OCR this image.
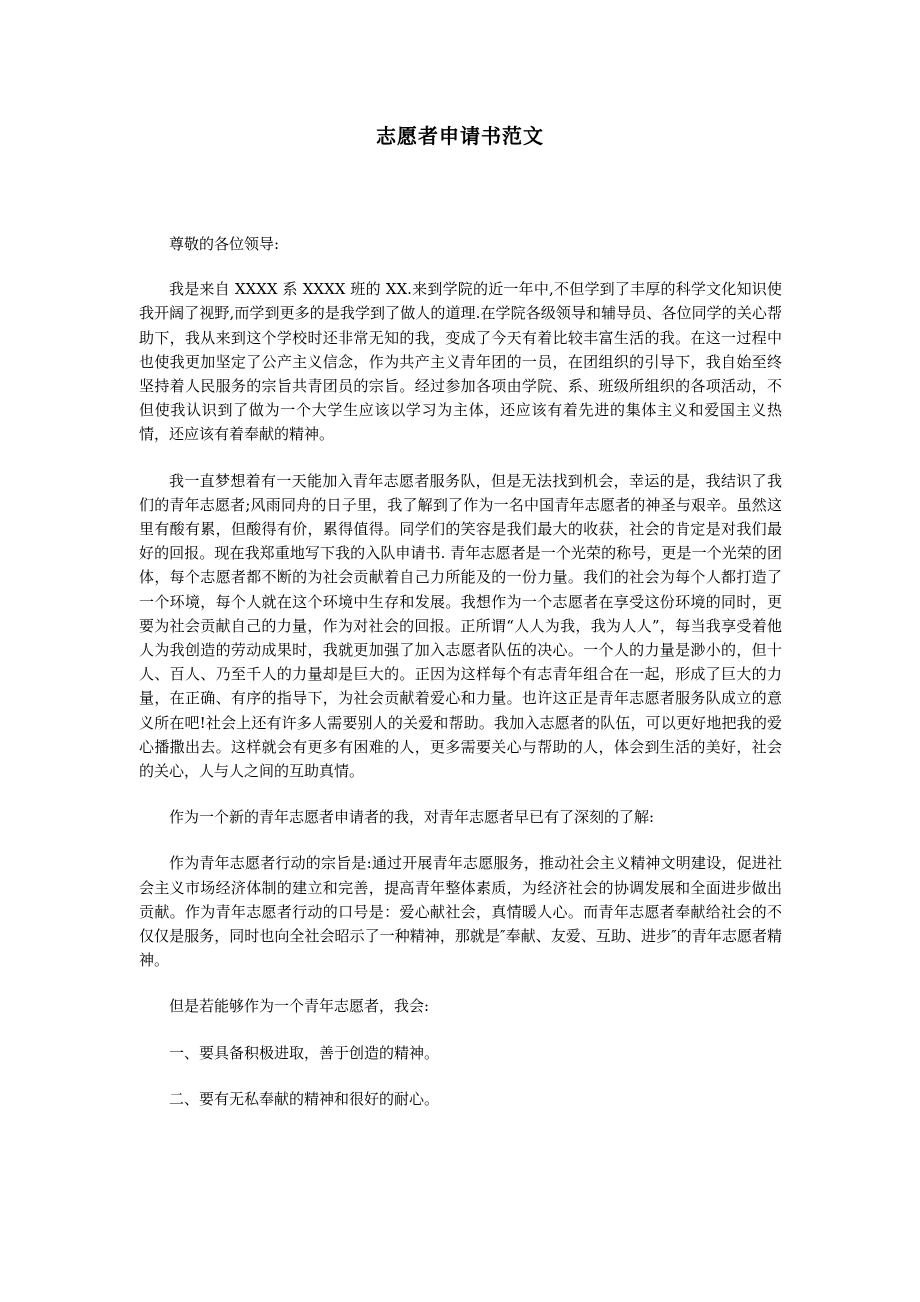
志愿者申请书范文

尊敬的各位领导:

我是来自 XXXX 系 XXXX 班的 XX.来到学院的近一年中,不但学到了丰厚的科学文化知识使我开阔了视野,而学到更多的是我学到了做人的道理.在学院各级领导和辅导员、各位同学的关心帮助下，我从来到这个学校时还非常无知的我，变成了今天有着比较丰富生活的我。在这一过程中也使我更加坚定了公产主义信念，作为共产主义青年团的一员，在团组织的引导下，我自始至终坚持着人民服务的宗旨共青团员的宗旨。经过参加各项由学院、系、班级所组织的各项活动，不但使我认识到了做为一个大学生应该以学习为主体，还应该有着先进的集体主义和爱国主义热情，还应该有着奉献的精神。

我一直梦想着有一天能加入青年志愿者服务队，但是无法找到机会，幸运的是，我结识了我们的青年志愿者;风雨同舟的日子里，我了解到了作为一名中国青年志愿者的神圣与艰辛。虽然这里有酸有累，但酸得有价，累得值得。同学们的笑容是我们最大的收获，社会的肯定是对我们最好的回报。现在我郑重地写下我的入队申请书. 青年志愿者是一个光荣的称号，更是一个光荣的团体，每个志愿者都不断的为社会贡献着自己力所能及的一份力量。我们的社会为每个人都打造了一个环境，每个人就在这个环境中生存和发展。我想作为一个志愿者在享受这份环境的同时，更要为社会贡献自己的力量，作为对社会的回报。正所谓“人人为我，我为人人”，每当我享受着他人为我创造的劳动成果时，我就更加强了加入志愿者队伍的决心。一个人的力量是渺小的，但十人、百人、乃至千人的力量却是巨大的。正因为这样每个有志青年组合在一起，形成了巨大的力量，在正确、有序的指导下，为社会贡献着爱心和力量。也许这正是青年志愿者服务队成立的意义所在吧!社会上还有许多人需要别人的关爱和帮助。我加入志愿者的队伍，可以更好地把我的爱心播撒出去。这样就会有更多有困难的人，更多需要关心与帮助的人，体会到生活的美好，社会的关心，人与人之间的互助真情。

作为一个新的青年志愿者申请者的我，对青年志愿者早已有了深刻的了解:

作为青年志愿者行动的宗旨是:通过开展青年志愿服务，推动社会主义精神文明建设，促进社会主义市场经济体制的建立和完善，提高青年整体素质，为经济社会的协调发展和全面进步做出贡献。作为青年志愿者行动的口号是：爱心献社会，真情暖人心。而青年志愿者奉献给社会的不仅仅是服务，同时也向全社会昭示了一种精神，那就是″奉献、友爱、互助、进步″的青年志愿者精神。

但是若能够作为一个青年志愿者，我会:

一、要具备积极进取，善于创造的精神。

二、要有无私奉献的精神和很好的耐心。
